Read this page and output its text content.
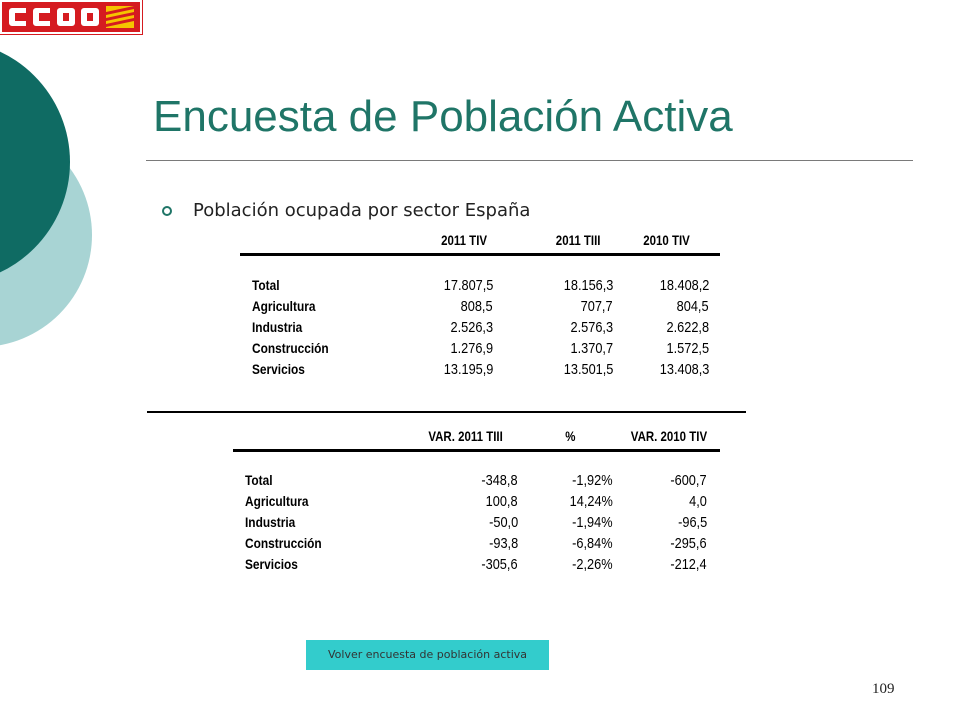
Encuesta de Población Activa
Población ocupada por sector España
2011 TIV	2011 TIII	2010 TIV
Total	17.807,5	18.156,3	18.408,2
Agricultura	808,5	707,7	804,5
Industria	2.526,3	2.576,3	2.622,8
Construcción	1.276,9	1.370,7	1.572,5
Servicios	13.195,9	13.501,5	13.408,3
VAR. 2011 TIII	%	VAR. 2010 TIV
Total	-348,8	-1,92%	-600,7
Agricultura	100,8	14,24%	4,0
Industria	-50,0	-1,94%	-96,5
Construcción	-93,8	-6,84%	-295,6
Servicios	-305,6	-2,26%	-212,4
Volver encuesta de población activa
109
